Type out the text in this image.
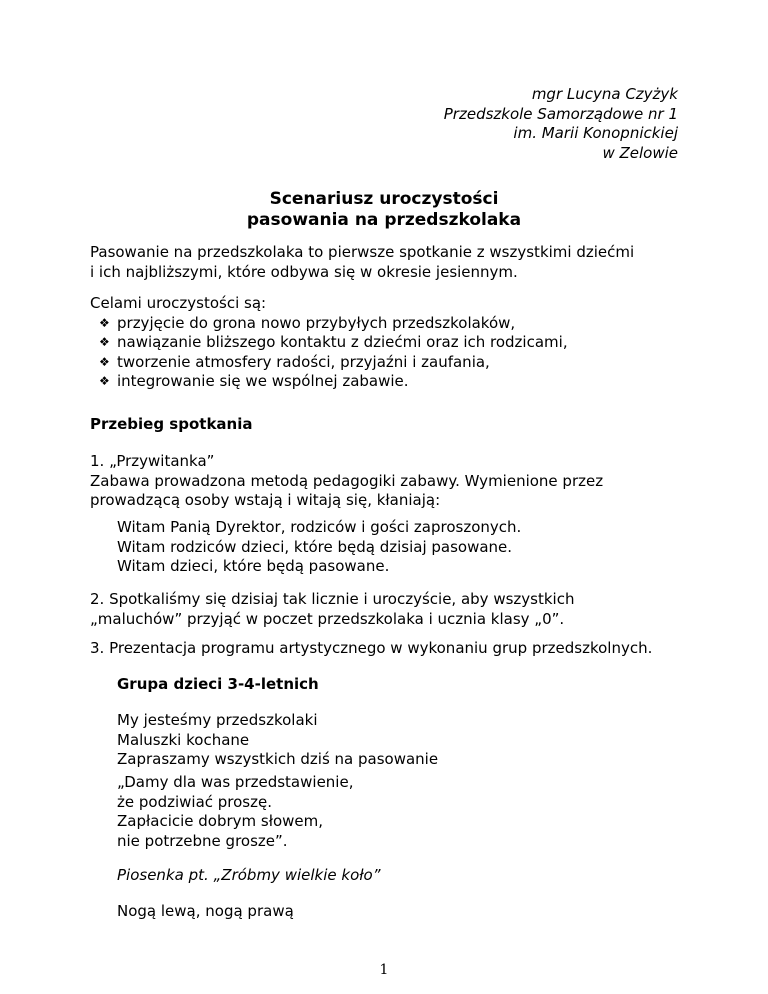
mgr Lucyna Czyżyk
Przedszkole Samorządowe nr 1
im. Marii Konopnickiej
w Zelowie
Scenariusz uroczystości
pasowania na przedszkolaka
Pasowanie na przedszkolaka to pierwsze spotkanie z wszystkimi dziećmi
i ich najbliższymi, które odbywa się w okresie jesiennym.
Celami uroczystości są:
❖ przyjęcie do grona nowo przybyłych przedszkolaków,
❖ nawiązanie bliższego kontaktu z dziećmi oraz ich rodzicami,
❖ tworzenie atmosfery radości, przyjaźni i zaufania,
❖ integrowanie się we wspólnej zabawie.
Przebieg spotkania
1. „Przywitanka”
Zabawa prowadzona metodą pedagogiki zabawy. Wymienione przez
prowadzącą osoby wstają i witają się, kłaniają:
Witam Panią Dyrektor, rodziców i gości zaproszonych.
Witam rodziców dzieci, które będą dzisiaj pasowane.
Witam dzieci, które będą pasowane.
2. Spotkaliśmy się dzisiaj tak licznie i uroczyście, aby wszystkich
„maluchów” przyjąć w poczet przedszkolaka i ucznia klasy „0”.
3. Prezentacja programu artystycznego w wykonaniu grup przedszkolnych.
Grupa dzieci 3-4-letnich
My jesteśmy przedszkolaki
Maluszki kochane
Zapraszamy wszystkich dziś na pasowanie
„Damy dla was przedstawienie,
że podziwiać proszę.
Zapłacicie dobrym słowem,
nie potrzebne grosze”.
Piosenka pt. „Zróbmy wielkie koło”
Nogą lewą, nogą prawą
1
